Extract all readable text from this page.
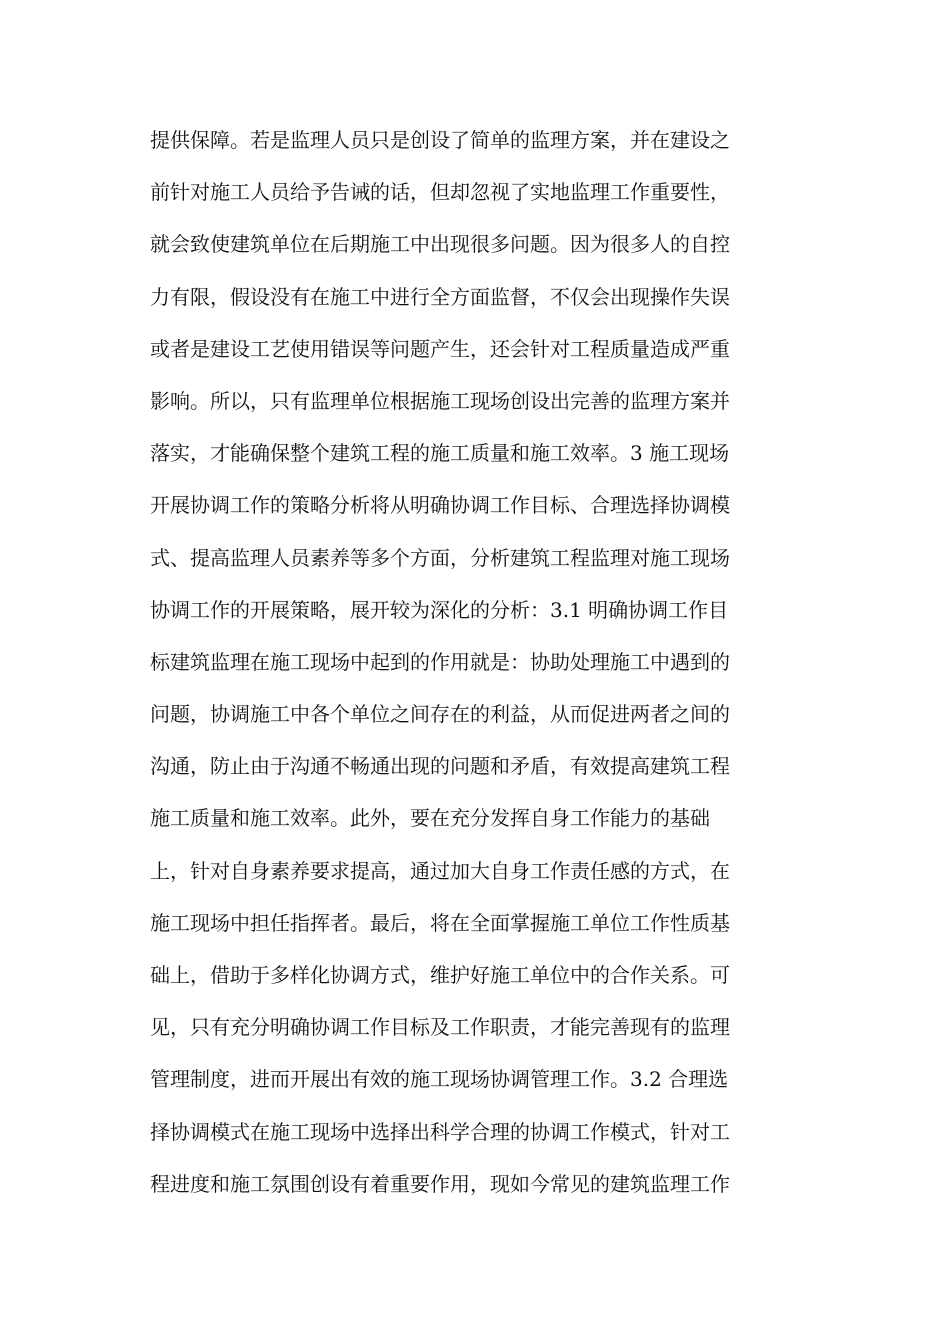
提供保障。若是监理人员只是创设了简单的监理方案，并在建设之
前针对施工人员给予告诫的话，但却忽视了实地监理工作重要性，
就会致使建筑单位在后期施工中出现很多问题。因为很多人的自控
力有限，假设没有在施工中进行全方面监督，不仅会出现操作失误
或者是建设工艺使用错误等问题产生，还会针对工程质量造成严重
影响。所以，只有监理单位根据施工现场创设出完善的监理方案并
落实，才能确保整个建筑工程的施工质量和施工效率。3 施工现场
开展协调工作的策略分析将从明确协调工作目标、合理选择协调模
式、提高监理人员素养等多个方面，分析建筑工程监理对施工现场
协调工作的开展策略，展开较为深化的分析：3.1 明确协调工作目
标建筑监理在施工现场中起到的作用就是：协助处理施工中遇到的
问题，协调施工中各个单位之间存在的利益，从而促进两者之间的
沟通，防止由于沟通不畅通出现的问题和矛盾，有效提高建筑工程
施工质量和施工效率。此外，要在充分发挥自身工作能力的基础
上，针对自身素养要求提高，通过加大自身工作责任感的方式，在
施工现场中担任指挥者。最后，将在全面掌握施工单位工作性质基
础上，借助于多样化协调方式，维护好施工单位中的合作关系。可
见，只有充分明确协调工作目标及工作职责，才能完善现有的监理
管理制度，进而开展出有效的施工现场协调管理工作。3.2 合理选
择协调模式在施工现场中选择出科学合理的协调工作模式，针对工
程进度和施工氛围创设有着重要作用，现如今常见的建筑监理工作
